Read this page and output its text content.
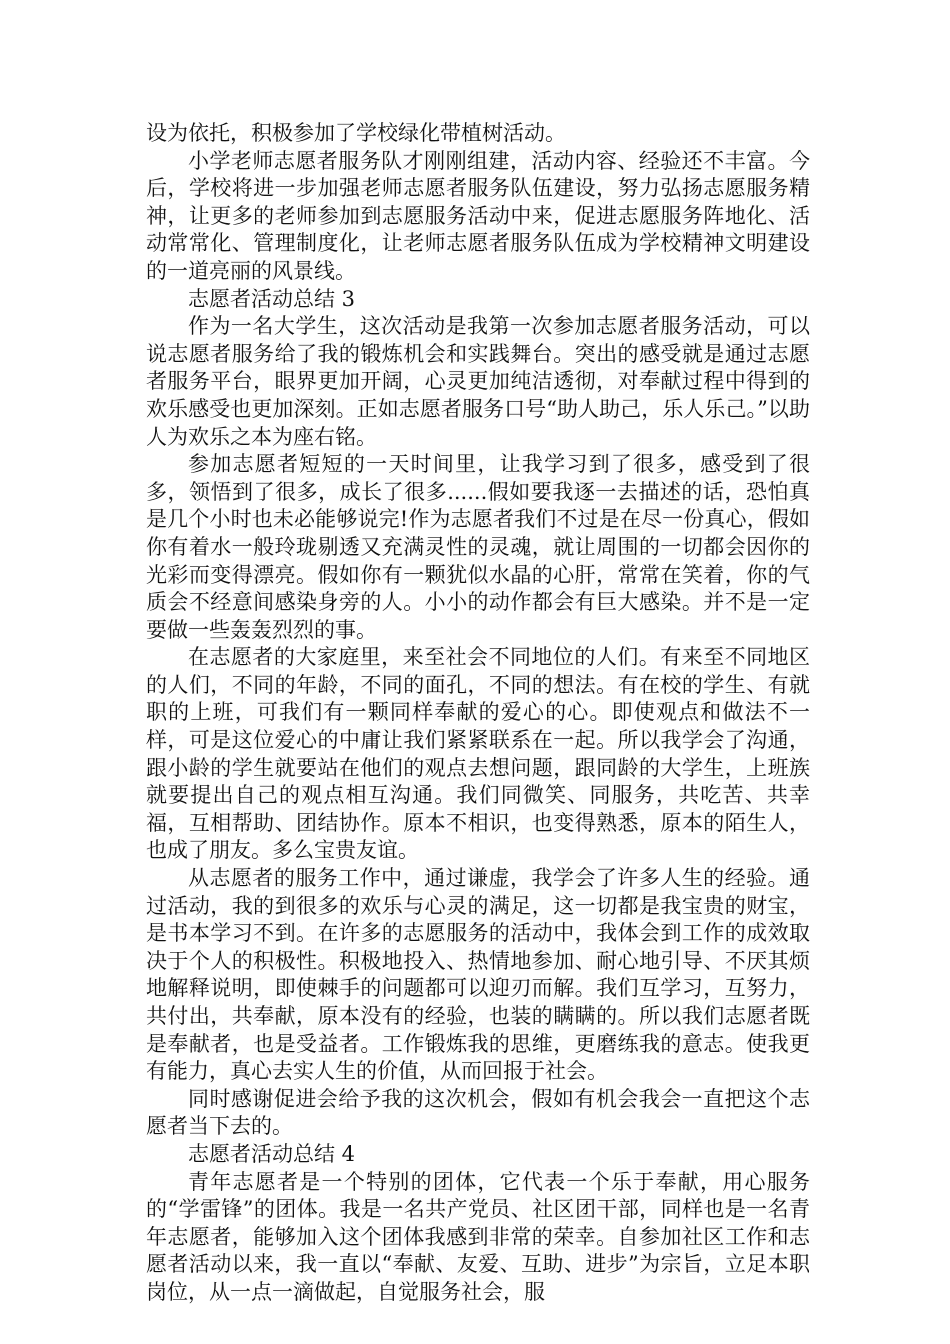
设为依托，积极参加了学校绿化带植树活动。

小学老师志愿者服务队才刚刚组建，活动内容、经验还不丰富。今后，学校将进一步加强老师志愿者服务队伍建设，努力弘扬志愿服务精神，让更多的老师参加到志愿服务活动中来，促进志愿服务阵地化、活动常常化、管理制度化，让老师志愿者服务队伍成为学校精神文明建设的一道亮丽的风景线。

志愿者活动总结 3

作为一名大学生，这次活动是我第一次参加志愿者服务活动，可以说志愿者服务给了我的锻炼机会和实践舞台。突出的感受就是通过志愿者服务平台，眼界更加开阔，心灵更加纯洁透彻，对奉献过程中得到的欢乐感受也更加深刻。正如志愿者服务口号“助人助己，乐人乐己。”以助人为欢乐之本为座右铭。

参加志愿者短短的一天时间里，让我学习到了很多，感受到了很多，领悟到了很多，成长了很多......假如要我逐一去描述的话，恐怕真是几个小时也未必能够说完!作为志愿者我们不过是在尽一份真心，假如你有着水一般玲珑剔透又充满灵性的灵魂，就让周围的一切都会因你的光彩而变得漂亮。假如你有一颗犹似水晶的心肝，常常在笑着，你的气质会不经意间感染身旁的人。小小的动作都会有巨大感染。并不是一定要做一些轰轰烈烈的事。

在志愿者的大家庭里，来至社会不同地位的人们。有来至不同地区的人们，不同的年龄，不同的面孔，不同的想法。有在校的学生、有就职的上班，可我们有一颗同样奉献的爱心的心。即使观点和做法不一样，可是这位爱心的中庸让我们紧紧联系在一起。所以我学会了沟通，跟小龄的学生就要站在他们的观点去想问题，跟同龄的大学生，上班族就要提出自己的观点相互沟通。我们同微笑、同服务，共吃苦、共幸福，互相帮助、团结协作。原本不相识，也变得熟悉，原本的陌生人，也成了朋友。多么宝贵友谊。

从志愿者的服务工作中，通过谦虚，我学会了许多人生的经验。通过活动，我的到很多的欢乐与心灵的满足，这一切都是我宝贵的财宝，是书本学习不到。在许多的志愿服务的活动中，我体会到工作的成效取决于个人的积极性。积极地投入、热情地参加、耐心地引导、不厌其烦地解释说明，即使棘手的问题都可以迎刃而解。我们互学习，互努力，共付出，共奉献，原本没有的经验，也装的瞒瞒的。所以我们志愿者既是奉献者，也是受益者。工作锻炼我的思维，更磨练我的意志。使我更有能力，真心去实人生的价值，从而回报于社会。

同时感谢促进会给予我的这次机会，假如有机会我会一直把这个志愿者当下去的。

志愿者活动总结 4

青年志愿者是一个特别的团体，它代表一个乐于奉献，用心服务的“学雷锋”的团体。我是一名共产党员、社区团干部，同样也是一名青年志愿者，能够加入这个团体我感到非常的荣幸。自参加社区工作和志愿者活动以来，我一直以“奉献、友爱、互助、进步”为宗旨，立足本职岗位，从一点一滴做起，自觉服务社会，服
